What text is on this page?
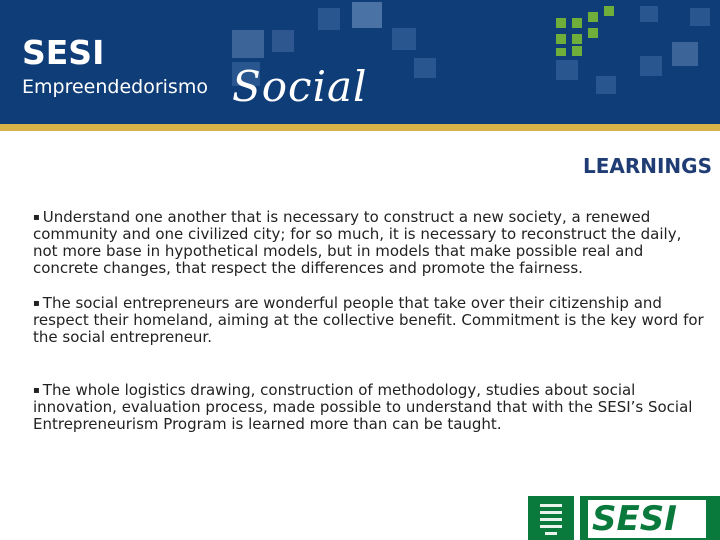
SESI
Empreendedorismo Social
LEARNINGS
▪ Understand one another that is necessary to construct a new society, a renewed community and one civilized city; for so much, it is necessary to reconstruct the daily, not more base in hypothetical models, but in models that make possible real and concrete changes, that respect the differences and promote the fairness.
▪ The social entrepreneurs are wonderful people that take over their citizenship and respect their homeland, aiming at the collective benefit. Commitment is the key word for the social entrepreneur.
▪ The whole logistics drawing, construction of methodology, studies about social innovation, evaluation process, made possible to understand that with the SESI’s Social Entrepreneurism Program is learned more than can be taught.
SESI
